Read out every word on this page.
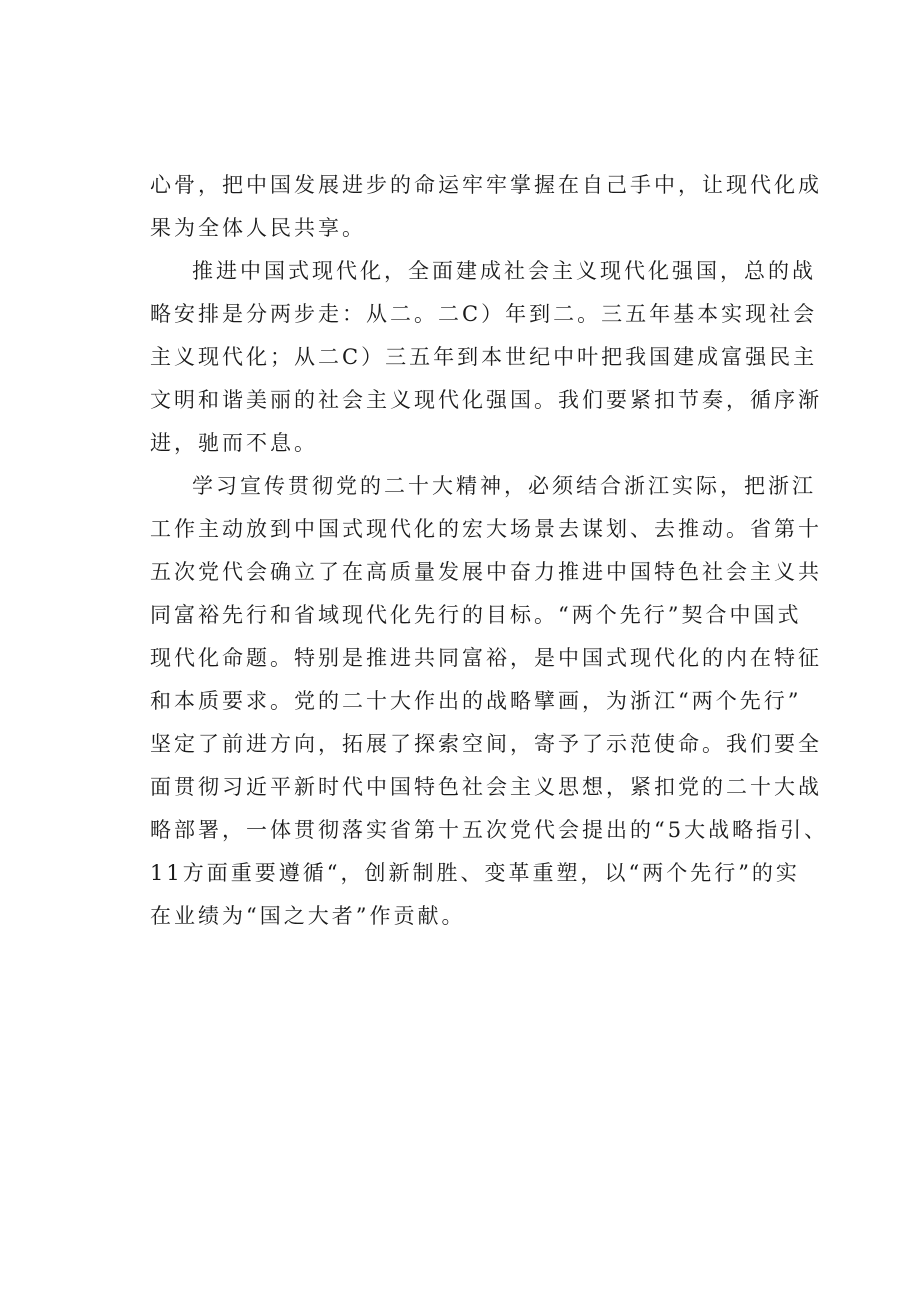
心骨，把中国发展进步的命运牢牢掌握在自己手中，让现代化成
果为全体人民共享。
推进中国式现代化，全面建成社会主义现代化强国，总的战
略安排是分两步走：从二。二C）年到二。三五年基本实现社会
主义现代化；从二C）三五年到本世纪中叶把我国建成富强民主
文明和谐美丽的社会主义现代化强国。我们要紧扣节奏，循序渐
进，驰而不息。
学习宣传贯彻党的二十大精神，必须结合浙江实际，把浙江
工作主动放到中国式现代化的宏大场景去谋划、去推动。省第十
五次党代会确立了在高质量发展中奋力推进中国特色社会主义共
同富裕先行和省域现代化先行的目标。“两个先行”契合中国式
现代化命题。特别是推进共同富裕，是中国式现代化的内在特征
和本质要求。党的二十大作出的战略擘画，为浙江“两个先行”
坚定了前进方向，拓展了探索空间，寄予了示范使命。我们要全
面贯彻习近平新时代中国特色社会主义思想，紧扣党的二十大战
略部署，一体贯彻落实省第十五次党代会提出的“5大战略指引、
11方面重要遵循“，创新制胜、变革重塑，以“两个先行”的实
在业绩为“国之大者”作贡献。
